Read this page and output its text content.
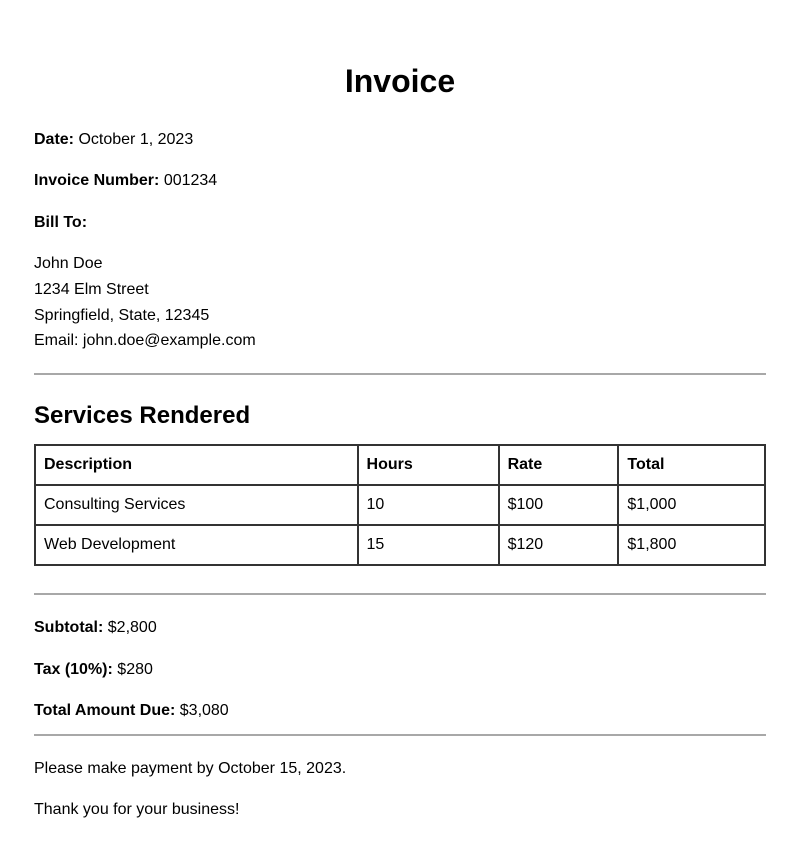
Invoice
Date: October 1, 2023
Invoice Number: 001234
Bill To:
John Doe
1234 Elm Street
Springfield, State, 12345
Email: john.doe@example.com
Services Rendered
Description	Hours	Rate	Total
Consulting Services	10	$100	$1,000
Web Development	15	$120	$1,800
Subtotal: $2,800
Tax (10%): $280
Total Amount Due: $3,080
Please make payment by October 15, 2023.
Thank you for your business!
